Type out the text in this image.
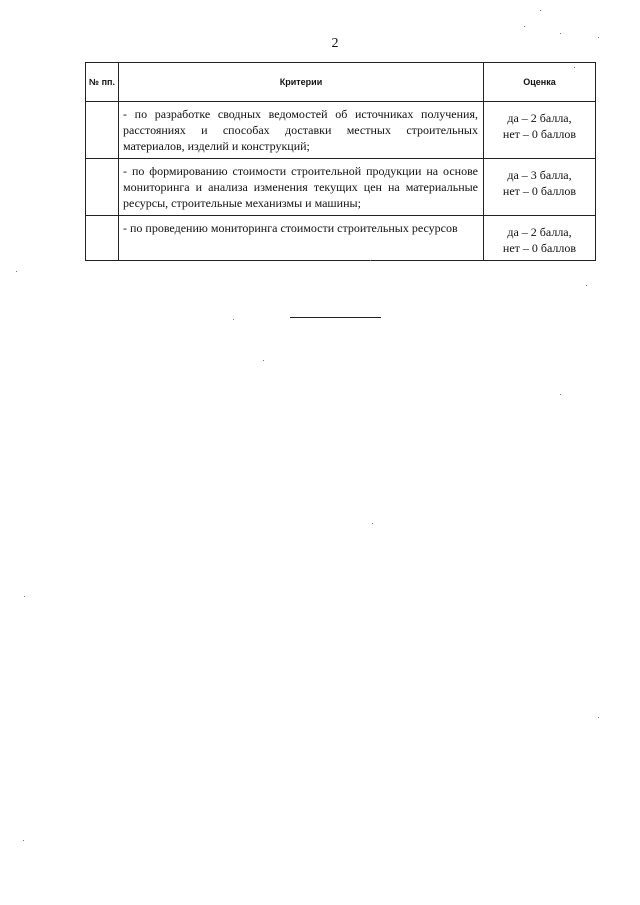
2
№ пп.	Критерии	Оценка
	- по разработке сводных ведомостей об источниках получения, расстояниях и способах доставки местных строительных материалов, изделий и конструкций;	да – 2 балла,
нет – 0 баллов

	- по формированию стоимости строительной продукции на основе мониторинга и анализа изменения текущих цен на материальные ресурсы, строительные механизмы и машины;	да – 3 балла,
нет – 0 баллов

	- по проведению мониторинга стоимости строительных ресурсов	да – 2 балла,
нет – 0 баллов
